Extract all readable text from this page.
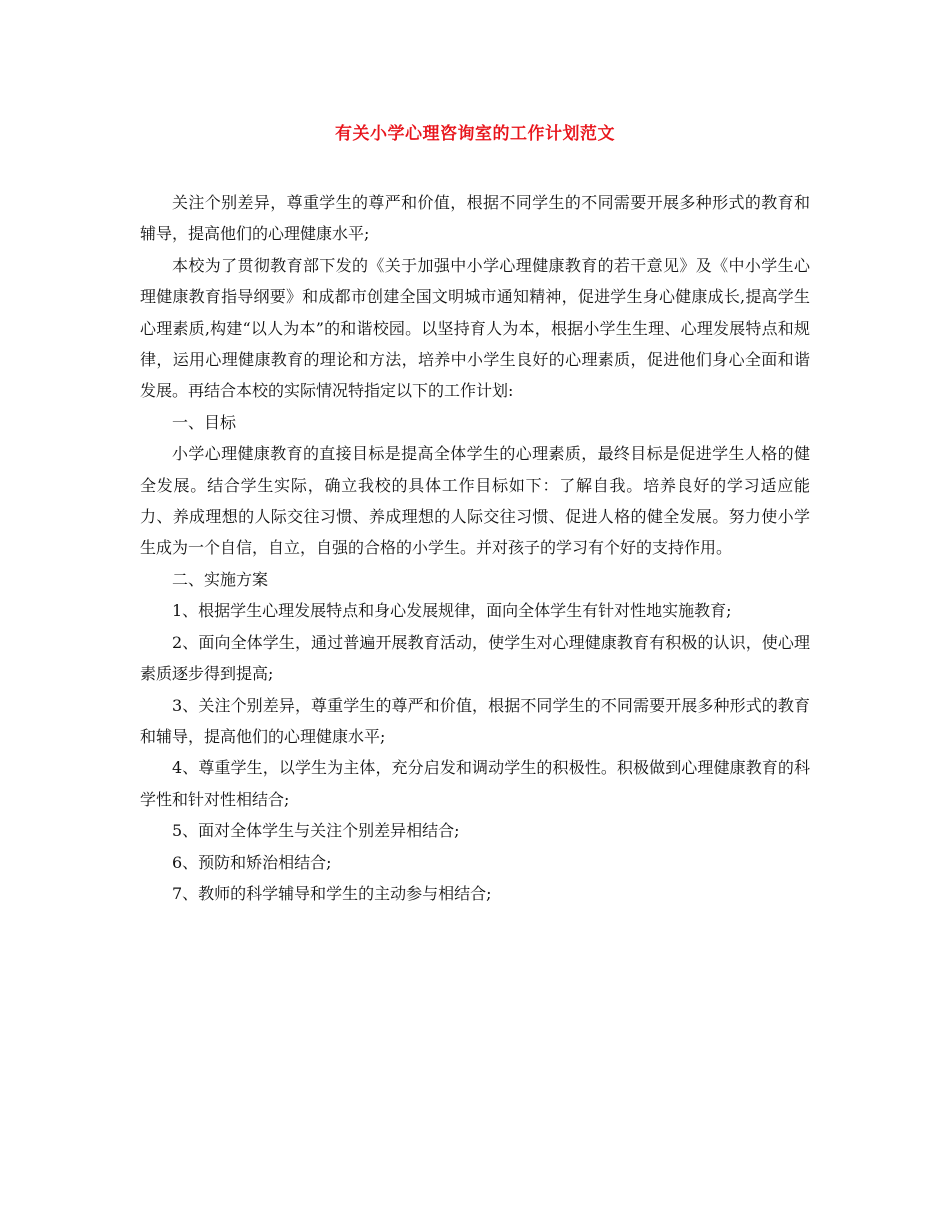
有关小学心理咨询室的工作计划范文

关注个别差异，尊重学生的尊严和价值，根据不同学生的不同需要开展多种形式的教育和辅导，提高他们的心理健康水平;

本校为了贯彻教育部下发的《关于加强中小学心理健康教育的若干意见》及《中小学生心理健康教育指导纲要》和成都市创建全国文明城市通知精神，促进学生身心健康成长,提高学生心理素质,构建“以人为本”的和谐校园。以坚持育人为本，根据小学生生理、心理发展特点和规律，运用心理健康教育的理论和方法，培养中小学生良好的心理素质，促进他们身心全面和谐发展。再结合本校的实际情况特指定以下的工作计划:

一、目标

小学心理健康教育的直接目标是提高全体学生的心理素质，最终目标是促进学生人格的健全发展。结合学生实际，确立我校的具体工作目标如下：了解自我。培养良好的学习适应能力、养成理想的人际交往习惯、养成理想的人际交往习惯、促进人格的健全发展。努力使小学生成为一个自信，自立，自强的合格的小学生。并对孩子的学习有个好的支持作用。

二、实施方案

1、根据学生心理发展特点和身心发展规律，面向全体学生有针对性地实施教育;

2、面向全体学生，通过普遍开展教育活动，使学生对心理健康教育有积极的认识，使心理素质逐步得到提高;

3、关注个别差异，尊重学生的尊严和价值，根据不同学生的不同需要开展多种形式的教育和辅导，提高他们的心理健康水平;

4、尊重学生，以学生为主体，充分启发和调动学生的积极性。积极做到心理健康教育的科学性和针对性相结合;

5、面对全体学生与关注个别差异相结合;

6、预防和矫治相结合;

7、教师的科学辅导和学生的主动参与相结合;
